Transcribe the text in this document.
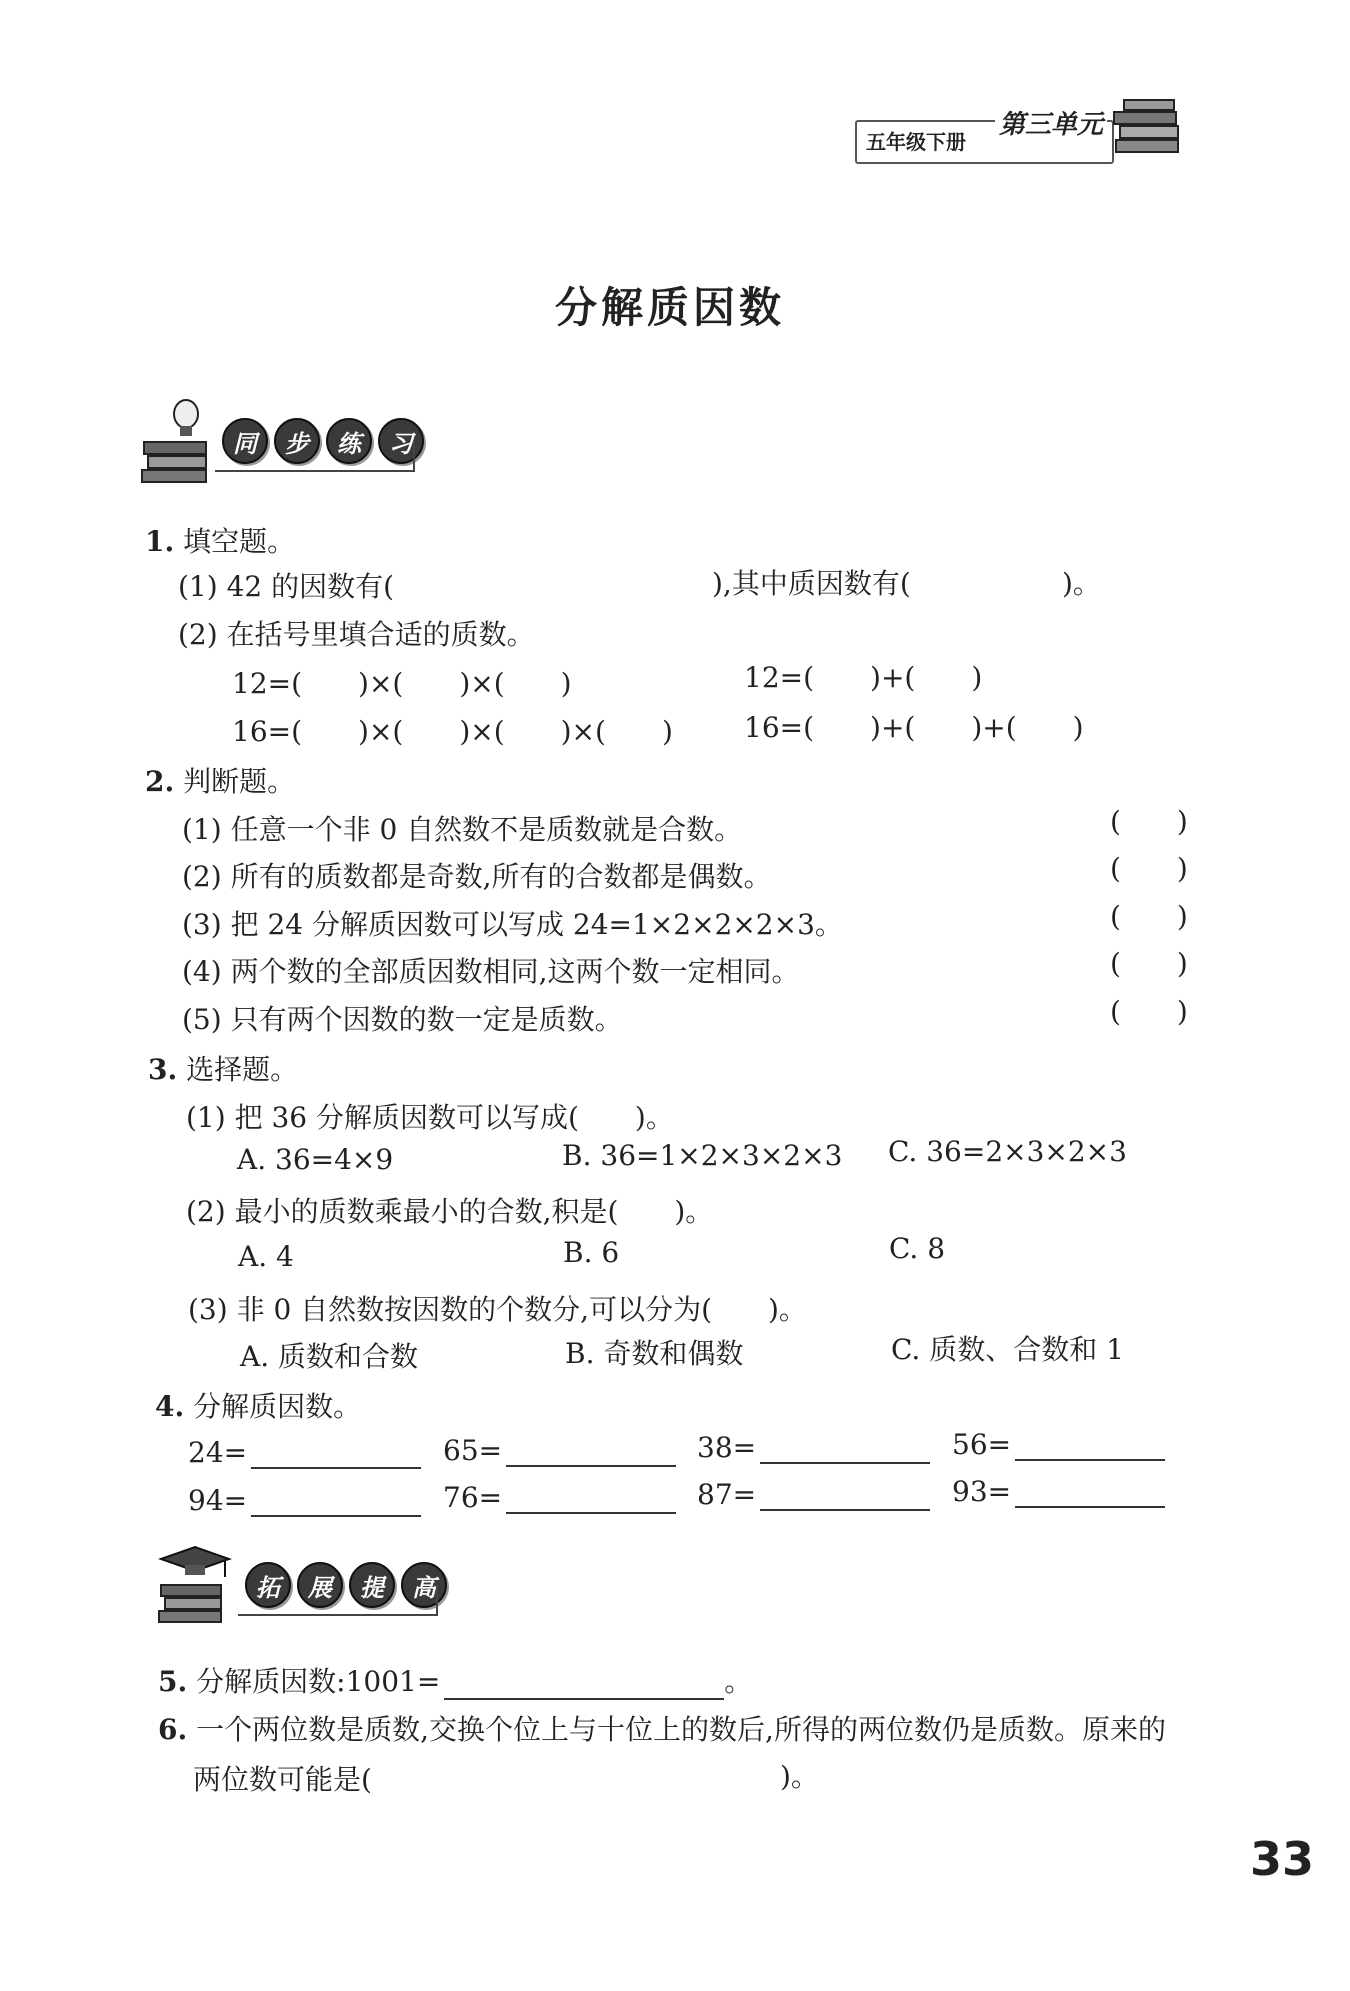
五年级下册
第三单元
分解质因数
同	步	练	习
1. 填空题。
(1) 42 的因数有(	),其中质因数有(	)。
(2) 在括号里填合适的质数。
12=(　　)×(　　)×(　　)	12=(　　)+(　　)
16=(　　)×(　　)×(　　)×(　　)	16=(　　)+(　　)+(　　)
2. 判断题。
(1) 任意一个非 0 自然数不是质数就是合数。	(　　)
(2) 所有的质数都是奇数,所有的合数都是偶数。	(　　)
(3) 把 24 分解质因数可以写成 24=1×2×2×2×3。	(　　)
(4) 两个数的全部质因数相同,这两个数一定相同。	(　　)
(5) 只有两个因数的数一定是质数。	(　　)
3. 选择题。
(1) 把 36 分解质因数可以写成(　　)。
A. 36=4×9	B. 36=1×2×3×2×3 C. 36=2×3×2×3
(2) 最小的质数乘最小的合数,积是(　　)。
A. 4	B. 6	C. 8
(3) 非 0 自然数按因数的个数分,可以分为(　　)。
A. 质数和合数	B. 奇数和偶数	C. 质数、合数和 1
4. 分解质因数。
24=	65=	38=	56=
94=	76=	87=	93=
拓	展	提	高
5. 分解质因数:1001=	。
6. 一个两位数是质数,交换个位上与十位上的数后,所得的两位数仍是质数。原来的
两位数可能是(	)。
33
